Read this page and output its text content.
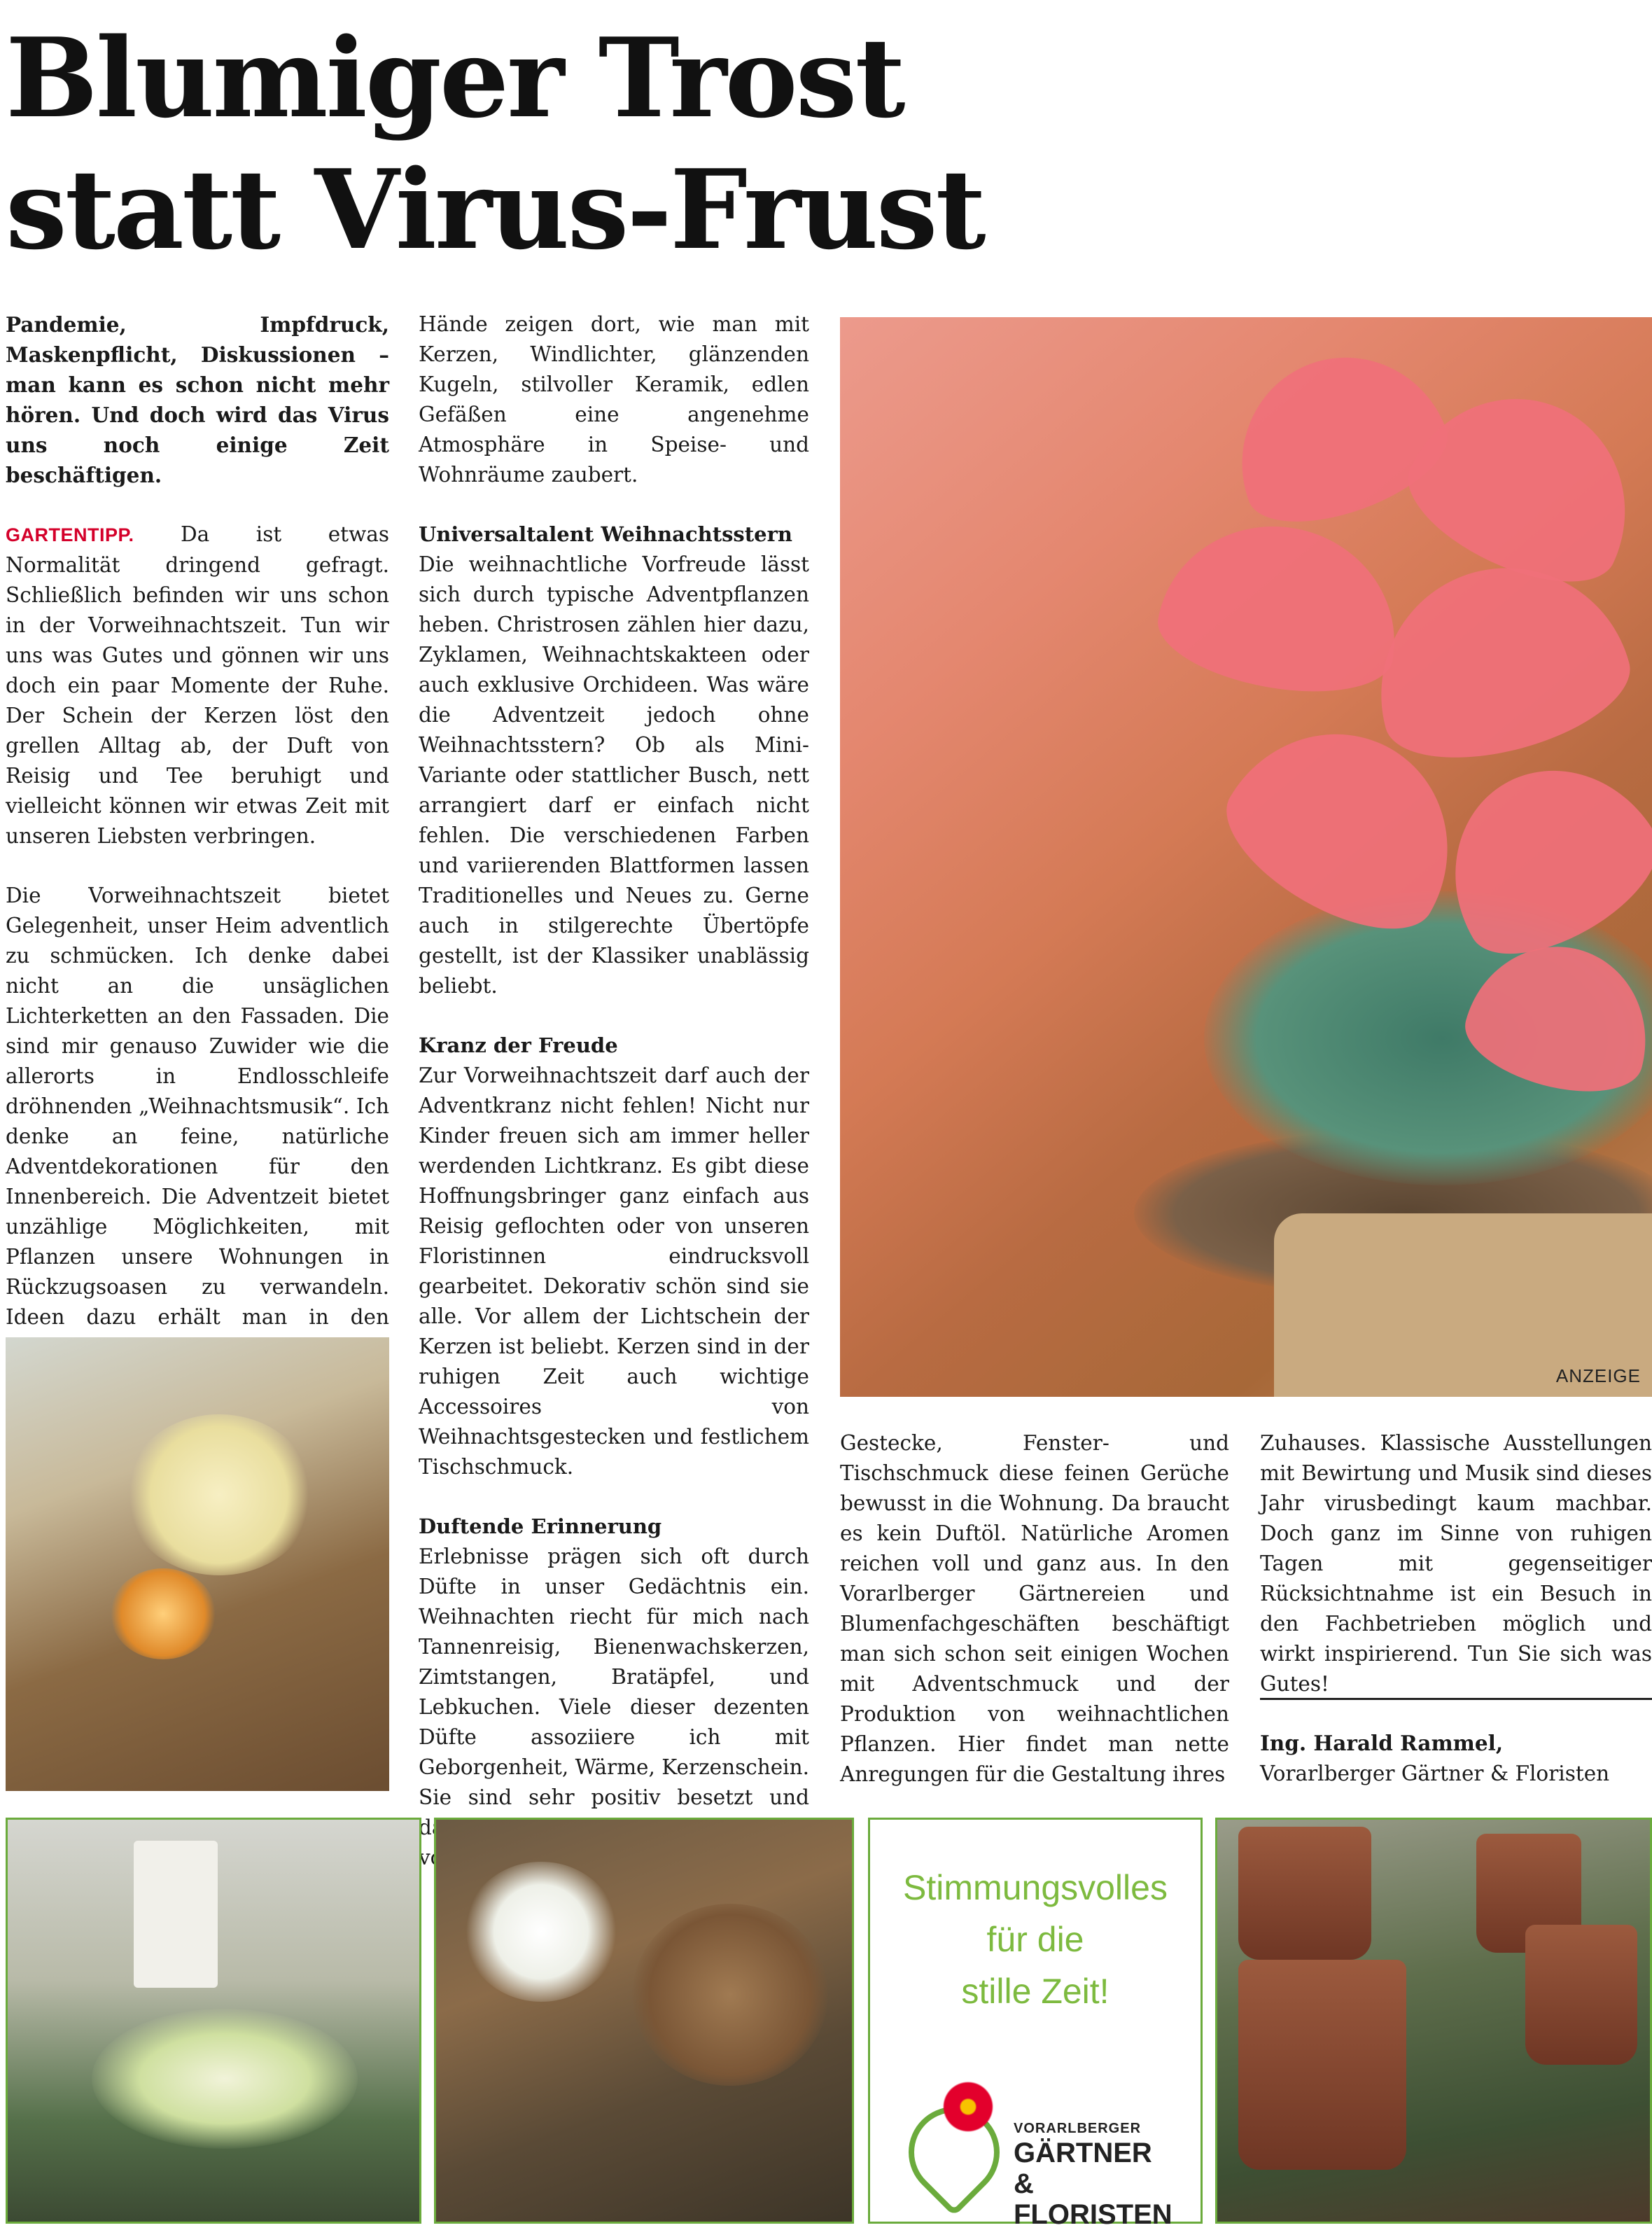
Blumiger Trost statt Virus-Frust

Pandemie, Impfdruck, Maskenpflicht, Diskussionen – man kann es schon nicht mehr hören. Und doch wird das Virus uns noch einige Zeit beschäftigen.

GARTENTIPP. Da ist etwas Normalität dringend gefragt. Schließlich befinden wir uns schon in der Vorweihnachtszeit. Tun wir uns was Gutes und gönnen wir uns doch ein paar Momente der Ruhe. Der Schein der Kerzen löst den grellen Alltag ab, der Duft von Reisig und Tee beruhigt und vielleicht können wir etwas Zeit mit unseren Liebsten verbringen.

Die Vorweihnachtszeit bietet Gelegenheit, unser Heim adventlich zu schmücken. Ich denke dabei nicht an die unsäglichen Lichterketten an den Fassaden. Die sind mir genauso Zuwider wie die allerorts in Endlosschleife dröhnenden „Weihnachtsmusik“. Ich denke an feine, natürliche Adventdekorationen für den Innenbereich. Die Adventzeit bietet unzählige Möglichkeiten, mit Pflanzen unsere Wohnungen in Rückzugsoasen zu verwandeln. Ideen dazu erhält man in den

Hände zeigen dort, wie man mit Kerzen, Windlichter, glänzenden Kugeln, stilvoller Keramik, edlen Gefäßen eine angenehme Atmosphäre in Speise- und Wohnräume zaubert.

Universaltalent Weihnachtsstern

Die weihnachtliche Vorfreude lässt sich durch typische Adventpflanzen heben. Christrosen zählen hier dazu, Zyklamen, Weihnachtskakteen oder auch exklusive Orchideen. Was wäre die Adventzeit jedoch ohne Weihnachtsstern? Ob als Mini-Variante oder stattlicher Busch, nett arrangiert darf er einfach nicht fehlen. Die verschiedenen Farben und variierenden Blattformen lassen Traditionelles und Neues zu. Gerne auch in stilgerechte Übertöpfe gestellt, ist der Klassiker unablässig beliebt.

Kranz der Freude

Zur Vorweihnachtszeit darf auch der Adventkranz nicht fehlen! Nicht nur Kinder freuen sich am immer heller werdenden Lichtkranz. Es gibt diese Hoffnungsbringer ganz einfach aus Reisig geflochten oder von unseren Floristinnen eindrucksvoll gearbeitet. Dekorativ schön sind sie alle. Vor allem der Lichtschein der Kerzen ist beliebt. Kerzen sind in der ruhigen Zeit auch wichtige Accessoires von Weihnachtsgestecken und festlichem Tischschmuck.

Duftende Erinnerung

Erlebnisse prägen sich oft durch Düfte in unser Gedächtnis ein. Weihnachten riecht für mich nach Tannenreisig, Bienenwachskerzen, Zimtstangen, Bratäpfel, und Lebkuchen. Viele dieser dezenten Düfte assoziiere ich mit Geborgenheit, Wärme, Kerzenschein. Sie sind sehr positiv besetzt und

ANZEIGE

Gestecke, Fenster- und Tischschmuck diese feinen Gerüche bewusst in die Wohnung. Da braucht es kein Duftöl. Natürliche Aromen reichen voll und ganz aus. In den Vorarlberger Gärtnereien und Blumenfachgeschäften beschäftigt man sich schon seit einigen Wochen mit Adventschmuck und der Produktion von weihnachtlichen Pflanzen. Hier findet man nette Anregungen für die Gestaltung ihres

Zuhauses. Klassische Ausstellungen mit Bewirtung und Musik sind dieses Jahr virusbedingt kaum machbar. Doch ganz im Sinne von ruhigen Tagen mit gegenseitiger Rücksichtnahme ist ein Besuch in den Fachbetrieben möglich und wirkt inspirierend. Tun Sie sich was Gutes!

Ing. Harald Rammel,
Vorarlberger Gärtner & Floristen
Stimmungsvolles
für die
stille Zeit!
VORARLBERGER
GÄRTNER &
FLORISTEN
